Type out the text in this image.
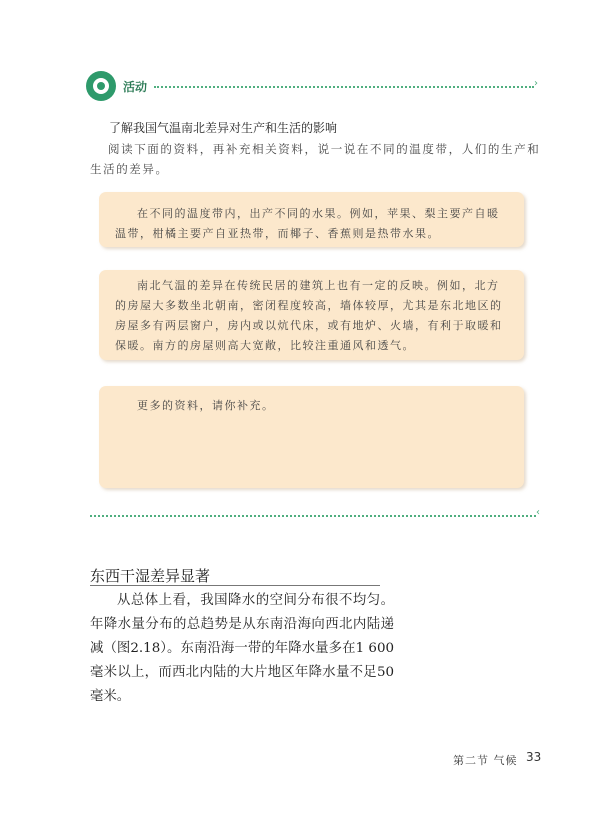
活动	›
了解我国气温南北差异对生产和生活的影响
阅读下面的资料，再补充相关资料，说一说在不同的温度带，人们的生产和生活的差异。

在不同的温度带内，出产不同的水果。例如，苹果、梨主要产自暖温带，柑橘主要产自亚热带，而椰子、香蕉则是热带水果。

南北气温的差异在传统民居的建筑上也有一定的反映。例如，北方的房屋大多数坐北朝南，密闭程度较高，墙体较厚，尤其是东北地区的房屋多有两层窗户，房内或以炕代床，或有地炉、火墙，有利于取暖和保暖。南方的房屋则高大宽敞，比较注重通风和透气。

更多的资料，请你补充。

‹
东西干湿差异显著
从总体上看，我国降水的空间分布很不均匀。年降水量分布的总趋势是从东南沿海向西北内陆递减（图2.18）。东南沿海一带的年降水量多在1 600毫米以上，而西北内陆的大片地区年降水量不足50毫米。
第二节 气候 33
